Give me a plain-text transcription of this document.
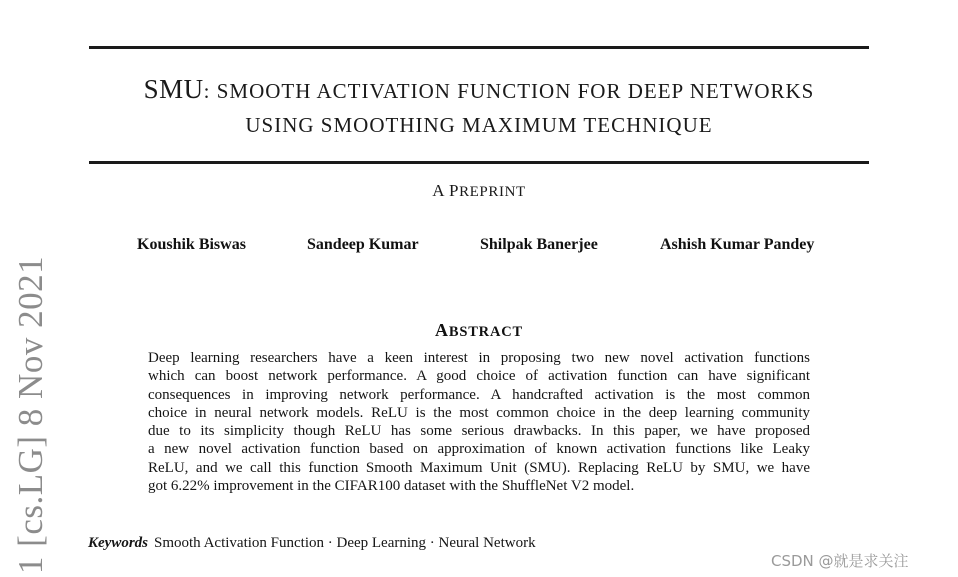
SMU: SMOOTH ACTIVATION FUNCTION FOR DEEP NETWORKS
USING SMOOTHING MAXIMUM TECHNIQUE
A PREPRINT
Koushik Biswas	Sandeep Kumar	Shilpak Banerjee	Ashish Kumar Pandey
ABSTRACT
Deep learning researchers have a keen interest in proposing two new novel activation functions
which can boost network performance. A good choice of activation function can have significant
consequences in improving network performance. A handcrafted activation is the most common
choice in neural network models. ReLU is the most common choice in the deep learning community
due to its simplicity though ReLU has some serious drawbacks. In this paper, we have proposed
a new novel activation function based on approximation of known activation functions like Leaky
ReLU, and we call this function Smooth Maximum Unit (SMU). Replacing ReLU by SMU, we have
got 6.22% improvement in the CIFAR100 dataset with the ShuffleNet V2 model.
Keywords Smooth Activation Function · Deep Learning · Neural Network
1 [cs.LG] 8 Nov 2021	CSDN @就是求关注
